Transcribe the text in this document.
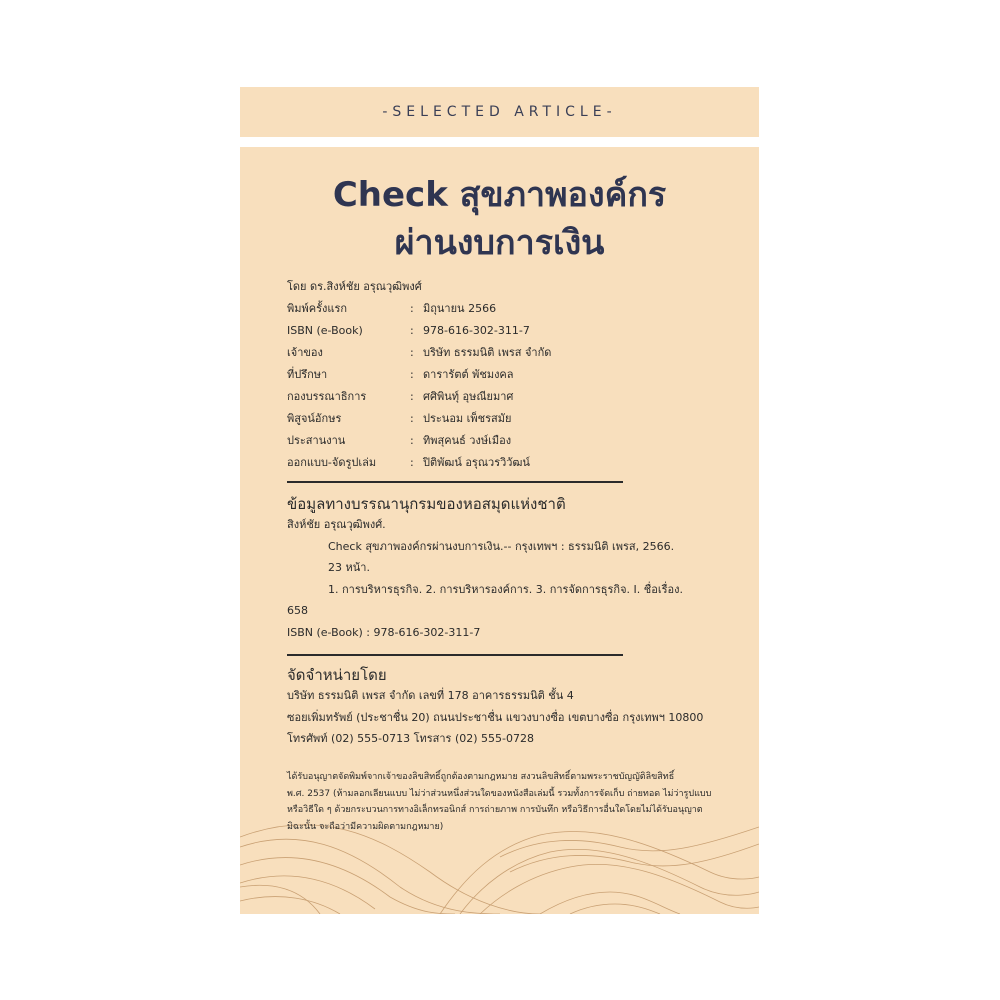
-SELECTED ARTICLE-
Check สุขภาพองค์กร
ผ่านงบการเงิน
โดย ดร.สิงห์ชัย อรุณวุฒิพงศ์
พิมพ์ครั้งแรก	: มิถุนายน 2566
ISBN (e-Book)	: 978-616-302-311-7
เจ้าของ	: บริษัท ธรรมนิติ เพรส จำกัด
ที่ปรึกษา	: ดารารัตต์ พัชมงคล
กองบรรณาธิการ	: ศศิพินทุ์ อุษณียมาศ
พิสูจน์อักษร	: ประนอม เพ็ชรสมัย
ประสานงาน	: ทิพสุคนธ์ วงษ์เมือง
ออกแบบ-จัดรูปเล่ม	: ปิติพัฒน์ อรุณวรวิวัฒน์
ข้อมูลทางบรรณานุกรมของหอสมุดแห่งชาติ
สิงห์ชัย อรุณวุฒิพงศ์.
Check สุขภาพองค์กรผ่านงบการเงิน.-- กรุงเทพฯ : ธรรมนิติ เพรส, 2566.
23 หน้า.
1. การบริหารธุรกิจ. 2. การบริหารองค์การ. 3. การจัดการธุรกิจ. I. ชื่อเรื่อง.
658
ISBN (e-Book) : 978-616-302-311-7
จัดจำหน่ายโดย
บริษัท ธรรมนิติ เพรส จำกัด เลขที่ 178 อาคารธรรมนิติ ชั้น 4
ซอยเพิ่มทรัพย์ (ประชาชื่น 20) ถนนประชาชื่น แขวงบางซื่อ เขตบางซื่อ กรุงเทพฯ 10800
โทรศัพท์ (02) 555-0713 โทรสาร (02) 555-0728
ได้รับอนุญาตจัดพิมพ์จากเจ้าของลิขสิทธิ์ถูกต้องตามกฎหมาย สงวนลิขสิทธิ์ตามพระราชบัญญัติลิขสิทธิ์
พ.ศ. 2537 (ห้ามลอกเลียนแบบ ไม่ว่าส่วนหนึ่งส่วนใดของหนังสือเล่มนี้ รวมทั้งการจัดเก็บ ถ่ายทอด ไม่ว่ารูปแบบ
หรือวิธีใด ๆ ด้วยกระบวนการทางอิเล็กทรอนิกส์ การถ่ายภาพ การบันทึก หรือวิธีการอื่นใดโดยไม่ได้รับอนุญาต
มิฉะนั้น จะถือว่ามีความผิดตามกฎหมาย)
